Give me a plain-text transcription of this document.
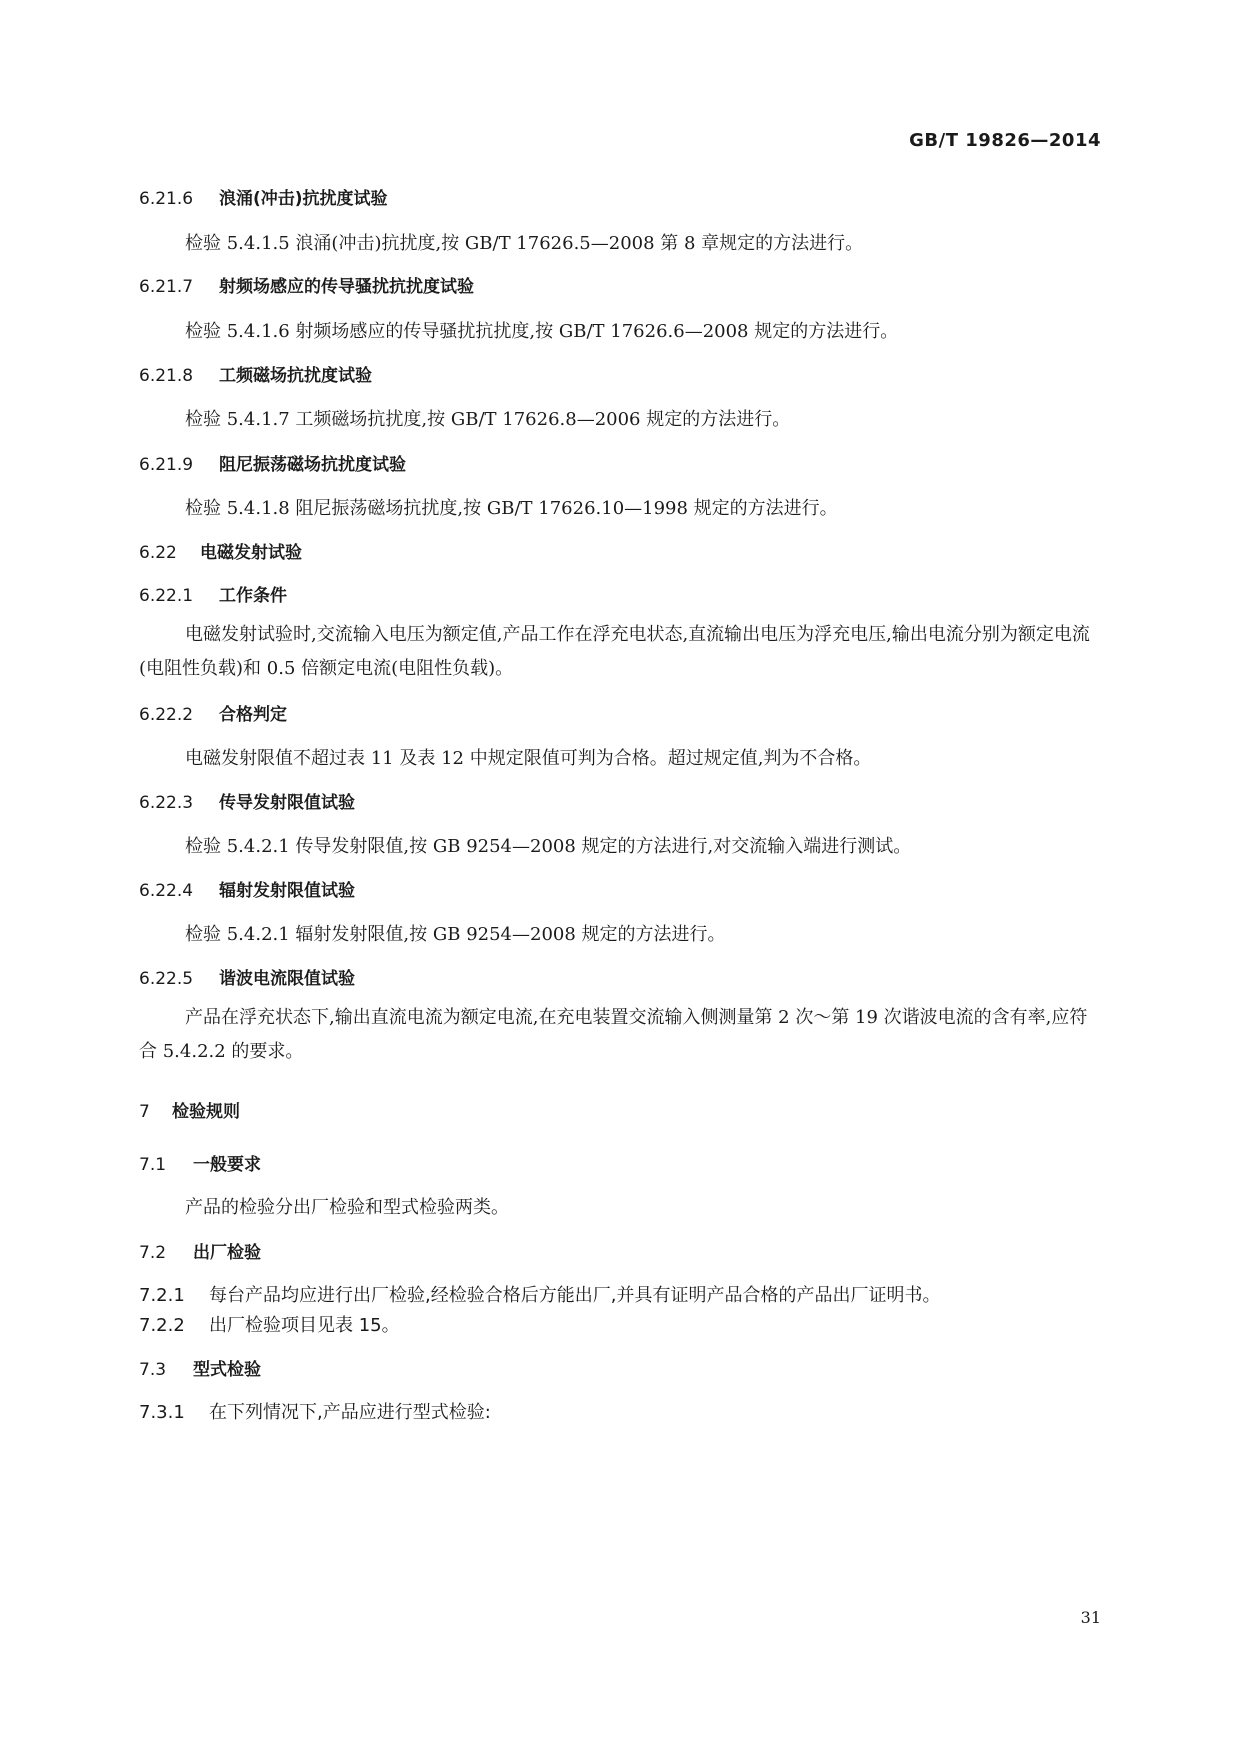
GB/T 19826—2014
6.21.6 浪涌(冲击)抗扰度试验
检验 5.4.1.5 浪涌(冲击)抗扰度,按 GB/T 17626.5—2008 第 8 章规定的方法进行。
6.21.7 射频场感应的传导骚扰抗扰度试验
检验 5.4.1.6 射频场感应的传导骚扰抗扰度,按 GB/T 17626.6—2008 规定的方法进行。
6.21.8 工频磁场抗扰度试验
检验 5.4.1.7 工频磁场抗扰度,按 GB/T 17626.8—2006 规定的方法进行。
6.21.9 阻尼振荡磁场抗扰度试验
检验 5.4.1.8 阻尼振荡磁场抗扰度,按 GB/T 17626.10—1998 规定的方法进行。
6.22 电磁发射试验
6.22.1 工作条件
电磁发射试验时,交流输入电压为额定值,产品工作在浮充电状态,直流输出电压为浮充电压,输出电流分别为额定电流(电阻性负载)和 0.5 倍额定电流(电阻性负载)。
6.22.2 合格判定
电磁发射限值不超过表 11 及表 12 中规定限值可判为合格。超过规定值,判为不合格。
6.22.3 传导发射限值试验
检验 5.4.2.1 传导发射限值,按 GB 9254—2008 规定的方法进行,对交流输入端进行测试。
6.22.4 辐射发射限值试验
检验 5.4.2.1 辐射发射限值,按 GB 9254—2008 规定的方法进行。
6.22.5 谐波电流限值试验
产品在浮充状态下,输出直流电流为额定电流,在充电装置交流输入侧测量第 2 次～第 19 次谐波电流的含有率,应符合 5.4.2.2 的要求。
7 检验规则
7.1 一般要求
产品的检验分出厂检验和型式检验两类。
7.2 出厂检验
7.2.1 每台产品均应进行出厂检验,经检验合格后方能出厂,并具有证明产品合格的产品出厂证明书。
7.2.2 出厂检验项目见表 15。
7.3 型式检验
7.3.1 在下列情况下,产品应进行型式检验:
31
